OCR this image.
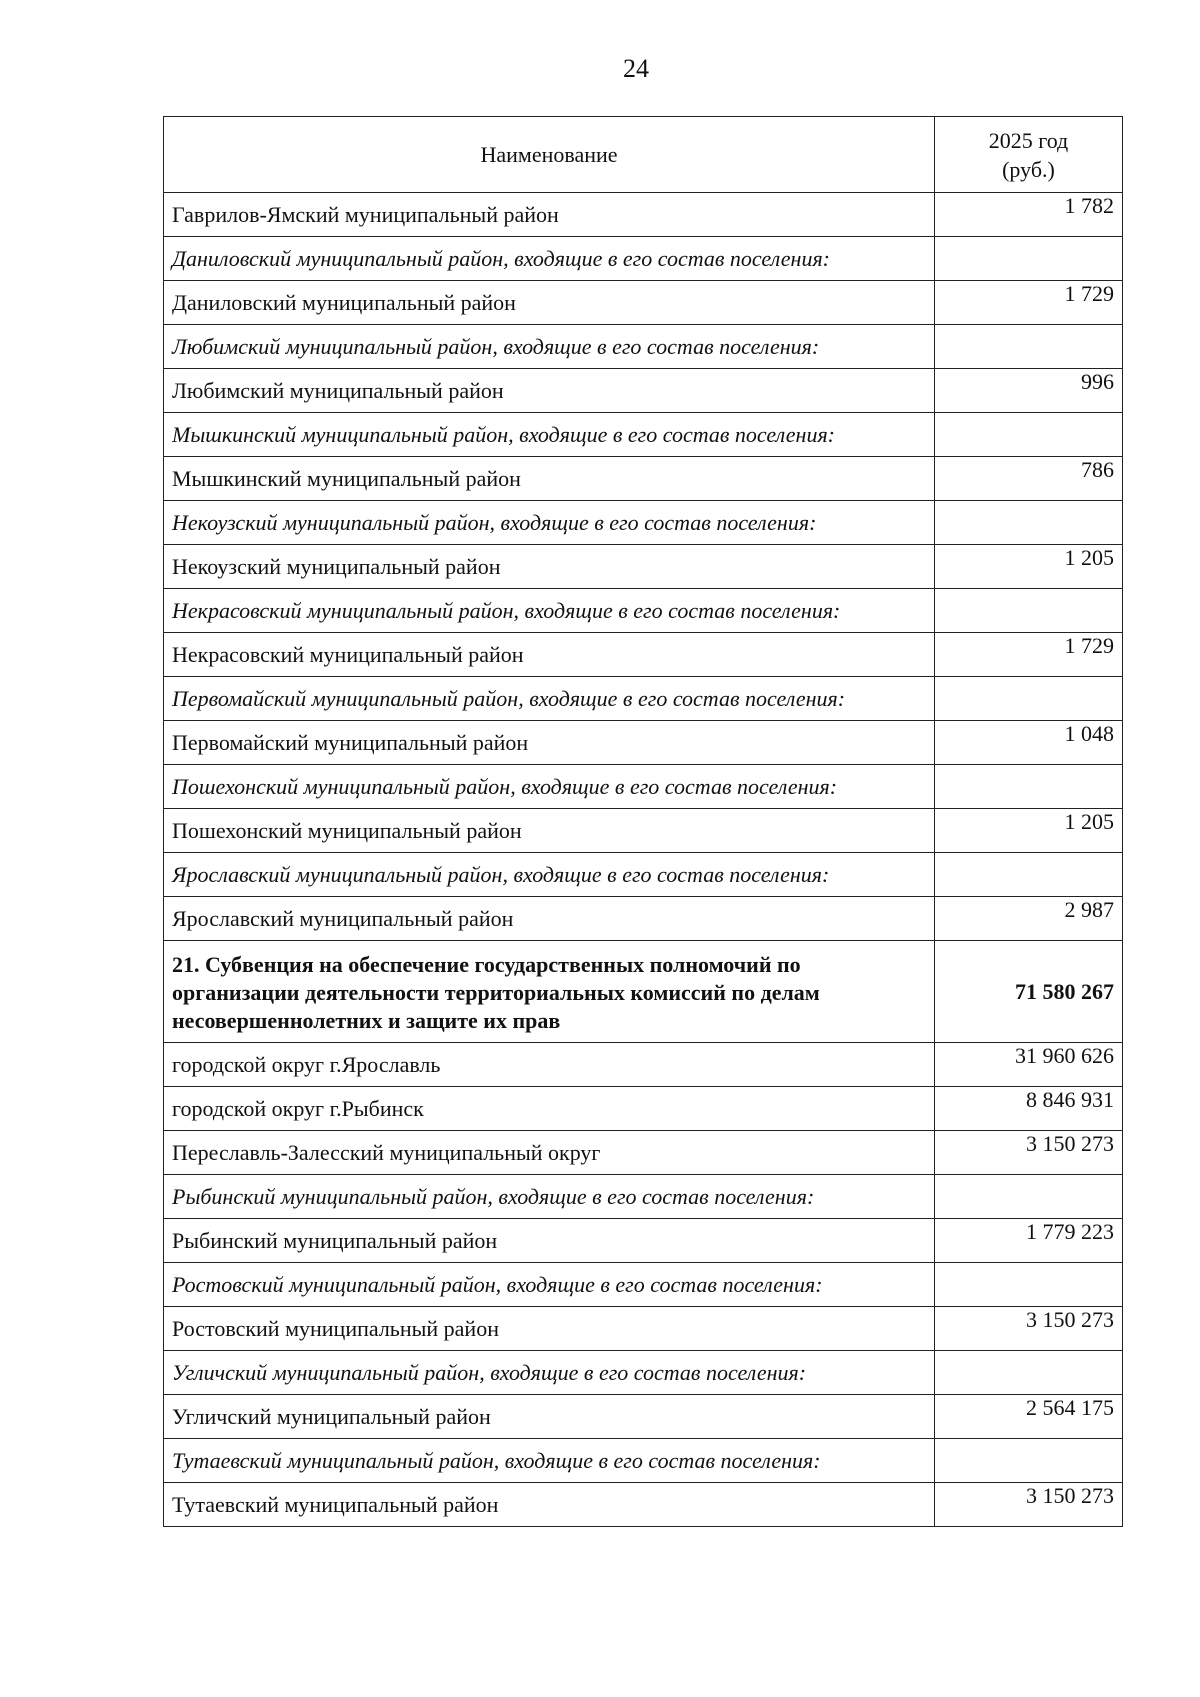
24
Наименование	2025 год
(руб.)
Гаврилов-Ямский муниципальный район	1 782
Даниловский муниципальный район, входящие в его состав поселения:	
Даниловский муниципальный район	1 729
Любимский муниципальный район, входящие в его состав поселения:	
Любимский муниципальный район	996
Мышкинский муниципальный район, входящие в его состав поселения:	
Мышкинский муниципальный район	786
Некоузский муниципальный район, входящие в его состав поселения:	
Некоузский муниципальный район	1 205
Некрасовский муниципальный район, входящие в его состав поселения:	
Некрасовский муниципальный район	1 729
Первомайский муниципальный район, входящие в его состав поселения:	
Первомайский муниципальный район	1 048
Пошехонский муниципальный район, входящие в его состав поселения:	
Пошехонский муниципальный район	1 205
Ярославский муниципальный район, входящие в его состав поселения:	
Ярославский муниципальный район	2 987
21. Субвенция на обеспечение государственных полномочий по организации деятельности территориальных комиссий по делам несовершеннолетних и защите их прав	71 580 267
городской округ г.Ярославль	31 960 626
городской округ г.Рыбинск	8 846 931
Переславль-Залесский муниципальный округ	3 150 273
Рыбинский муниципальный район, входящие в его состав поселения:	
Рыбинский муниципальный район	1 779 223
Ростовский муниципальный район, входящие в его состав поселения:	
Ростовский муниципальный район	3 150 273
Угличский муниципальный район, входящие в его состав поселения:	
Угличский муниципальный район	2 564 175
Тутаевский муниципальный район, входящие в его состав поселения:	
Тутаевский муниципальный район	3 150 273
